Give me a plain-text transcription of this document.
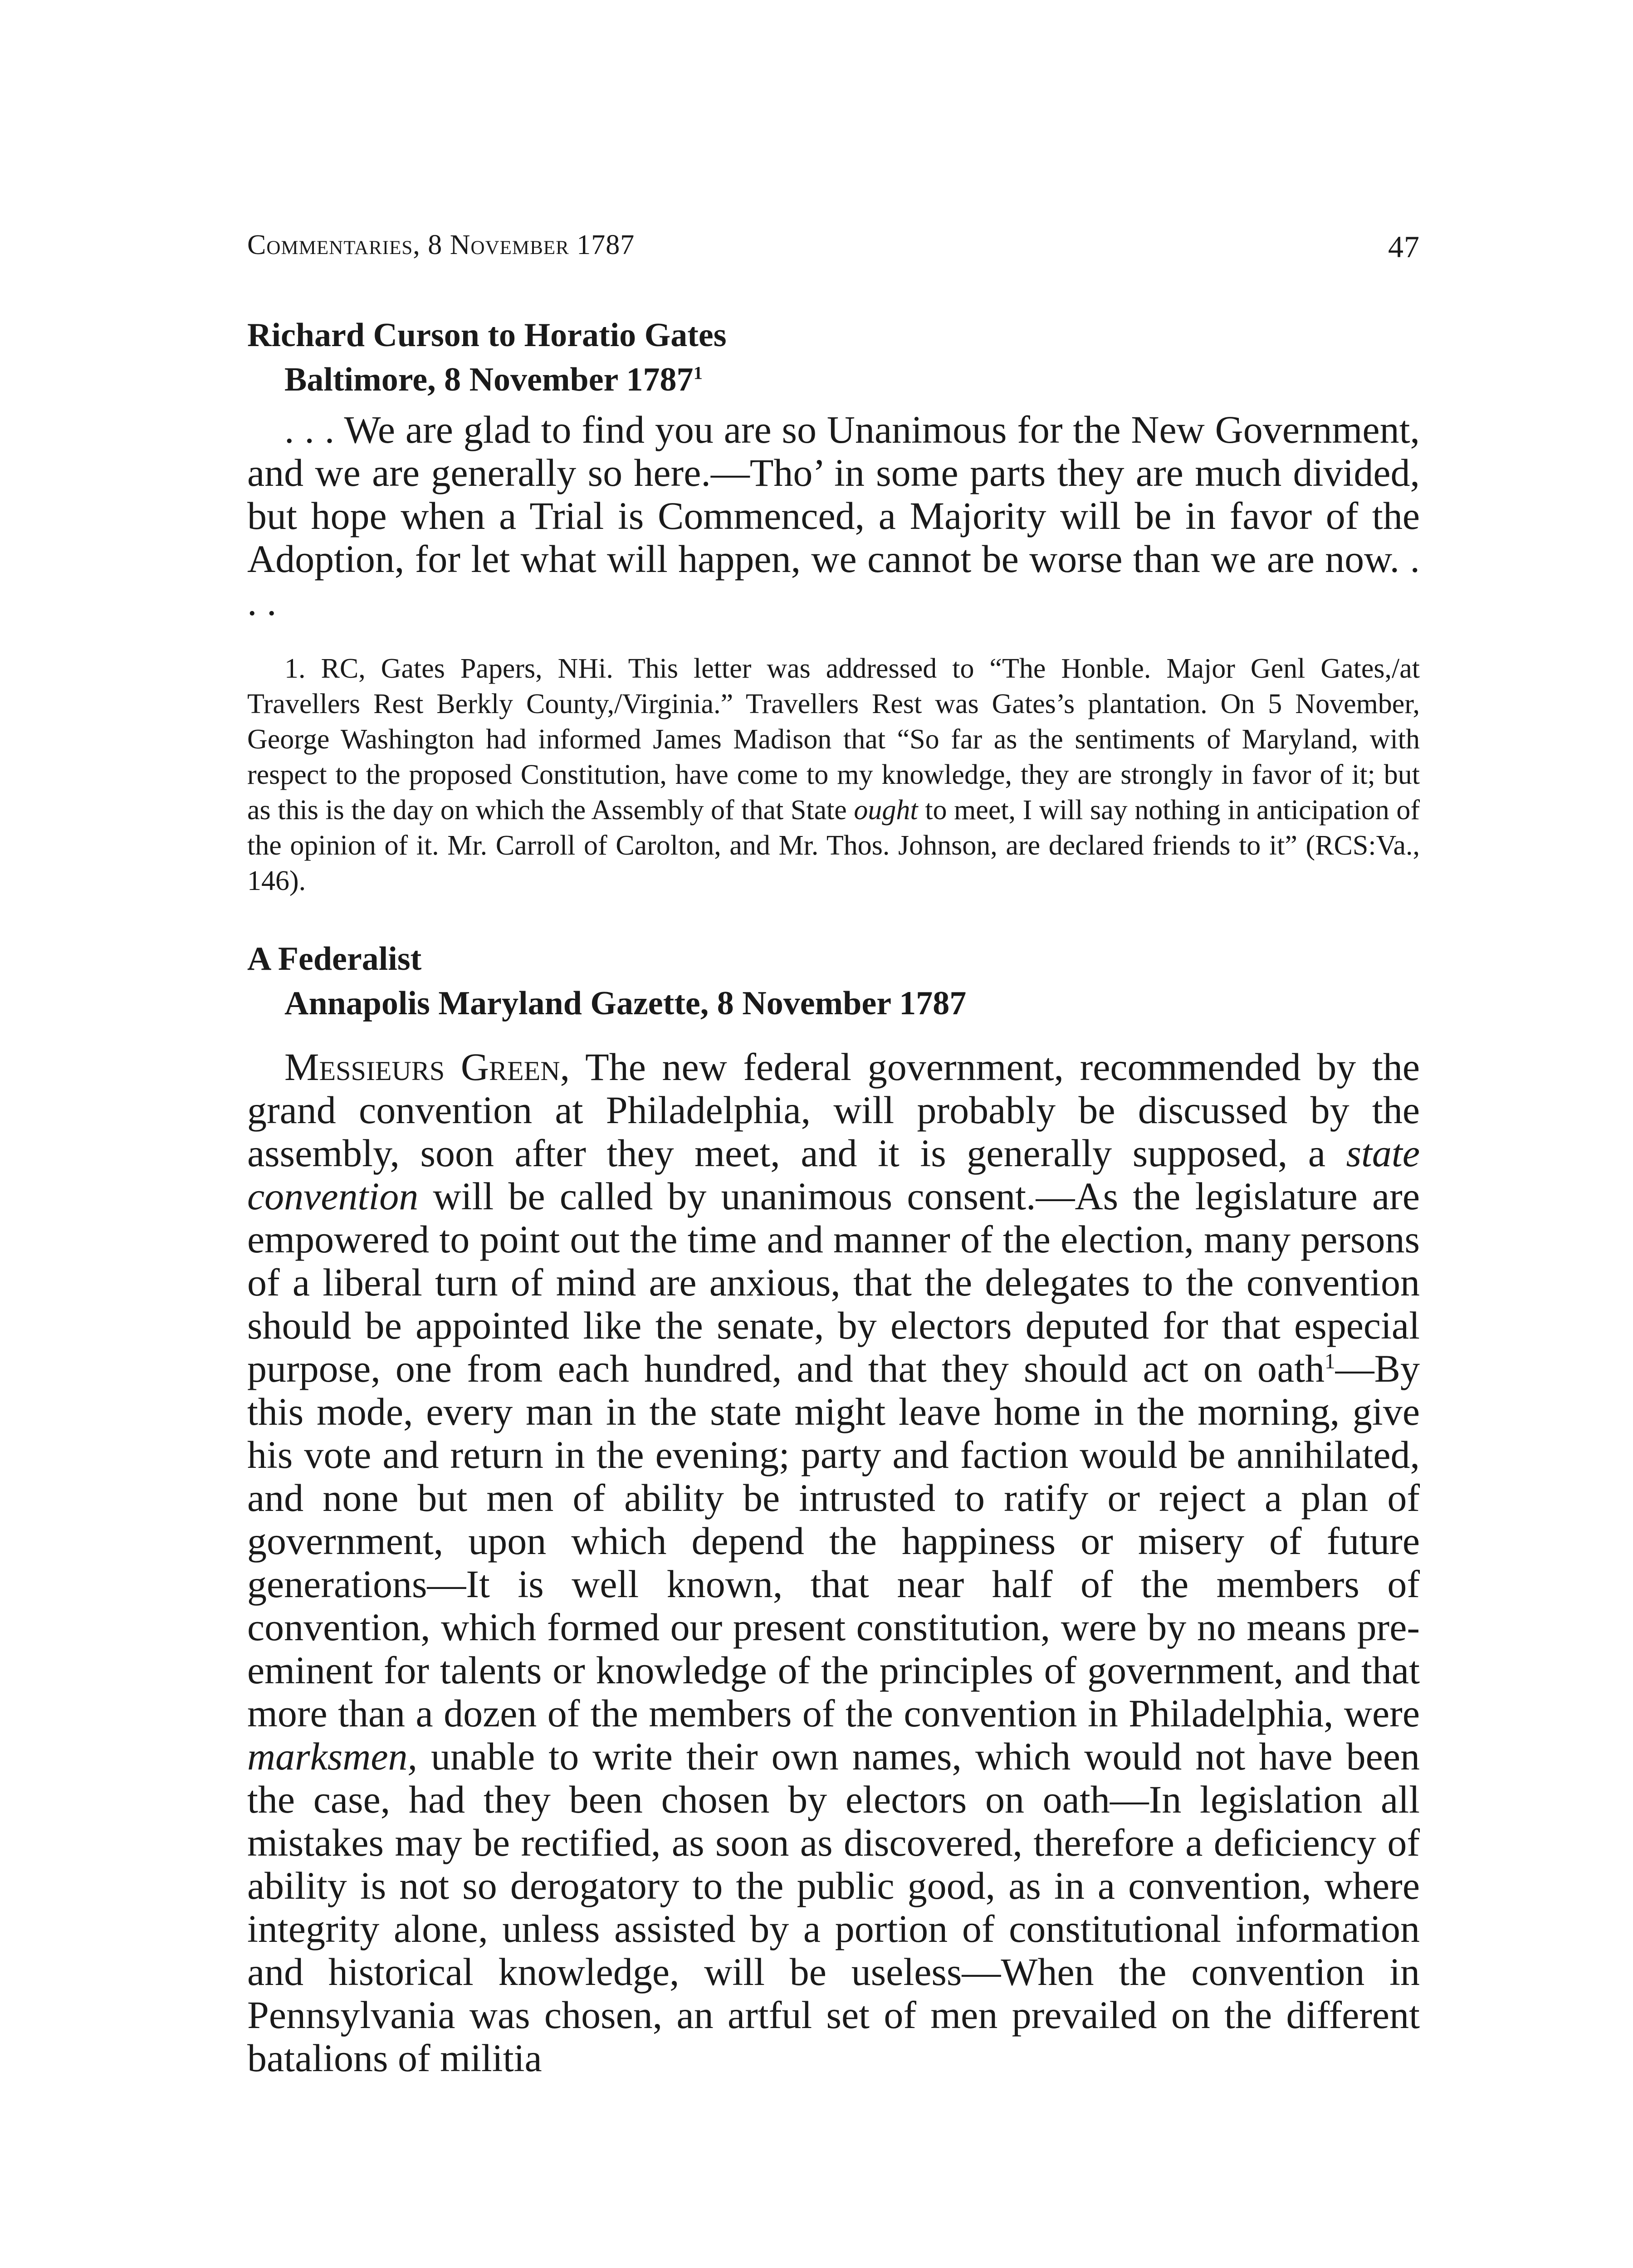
Commentaries, 8 November 1787	47
Richard Curson to Horatio Gates
Baltimore, 8 November 1787$^1$

. . . We are glad to find you are so Unanimous for the New Government, and we are generally so here.—Tho’ in some parts they are much divided, but hope when a Trial is Commenced, a Majority will be in favor of the Adoption, for let what will happen, we cannot be worse than we are now. . . .

1. RC, Gates Papers, NHi. This letter was addressed to “The Honble. Major Genl Gates,/at Travellers Rest Berkly County,/Virginia.” Travellers Rest was Gates’s plantation. On 5 November, George Washington had informed James Madison that “So far as the sentiments of Maryland, with respect to the proposed Constitution, have come to my knowledge, they are strongly in favor of it; but as this is the day on which the Assembly of that State ought to meet, I will say nothing in anticipation of the opinion of it. Mr. Carroll of Carolton, and Mr. Thos. Johnson, are declared friends to it” (RCS:Va., 146).

A Federalist
Annapolis Maryland Gazette, 8 November 1787

Messieurs Green, The new federal government, recommended by the grand convention at Philadelphia, will probably be discussed by the assembly, soon after they meet, and it is generally supposed, a state convention will be called by unanimous consent.—As the legislature are empowered to point out the time and manner of the election, many persons of a liberal turn of mind are anxious, that the delegates to the convention should be appointed like the senate, by electors deputed for that especial purpose, one from each hundred, and that they should act on oath$^1$—By this mode, every man in the state might leave home in the morning, give his vote and return in the evening; party and faction would be annihilated, and none but men of ability be intrusted to ratify or reject a plan of government, upon which depend the happiness or misery of future generations—It is well known, that near half of the members of convention, which formed our present constitution, were by no means pre-eminent for talents or knowledge of the principles of government, and that more than a dozen of the members of the convention in Philadelphia, were marksmen, unable to write their own names, which would not have been the case, had they been chosen by electors on oath—In legislation all mistakes may be rectified, as soon as discovered, therefore a deficiency of ability is not so derogatory to the public good, as in a convention, where integrity alone, unless assisted by a portion of constitutional information and historical knowledge, will be useless—When the convention in Pennsylvania was chosen, an artful set of men prevailed on the different batalions of militia
